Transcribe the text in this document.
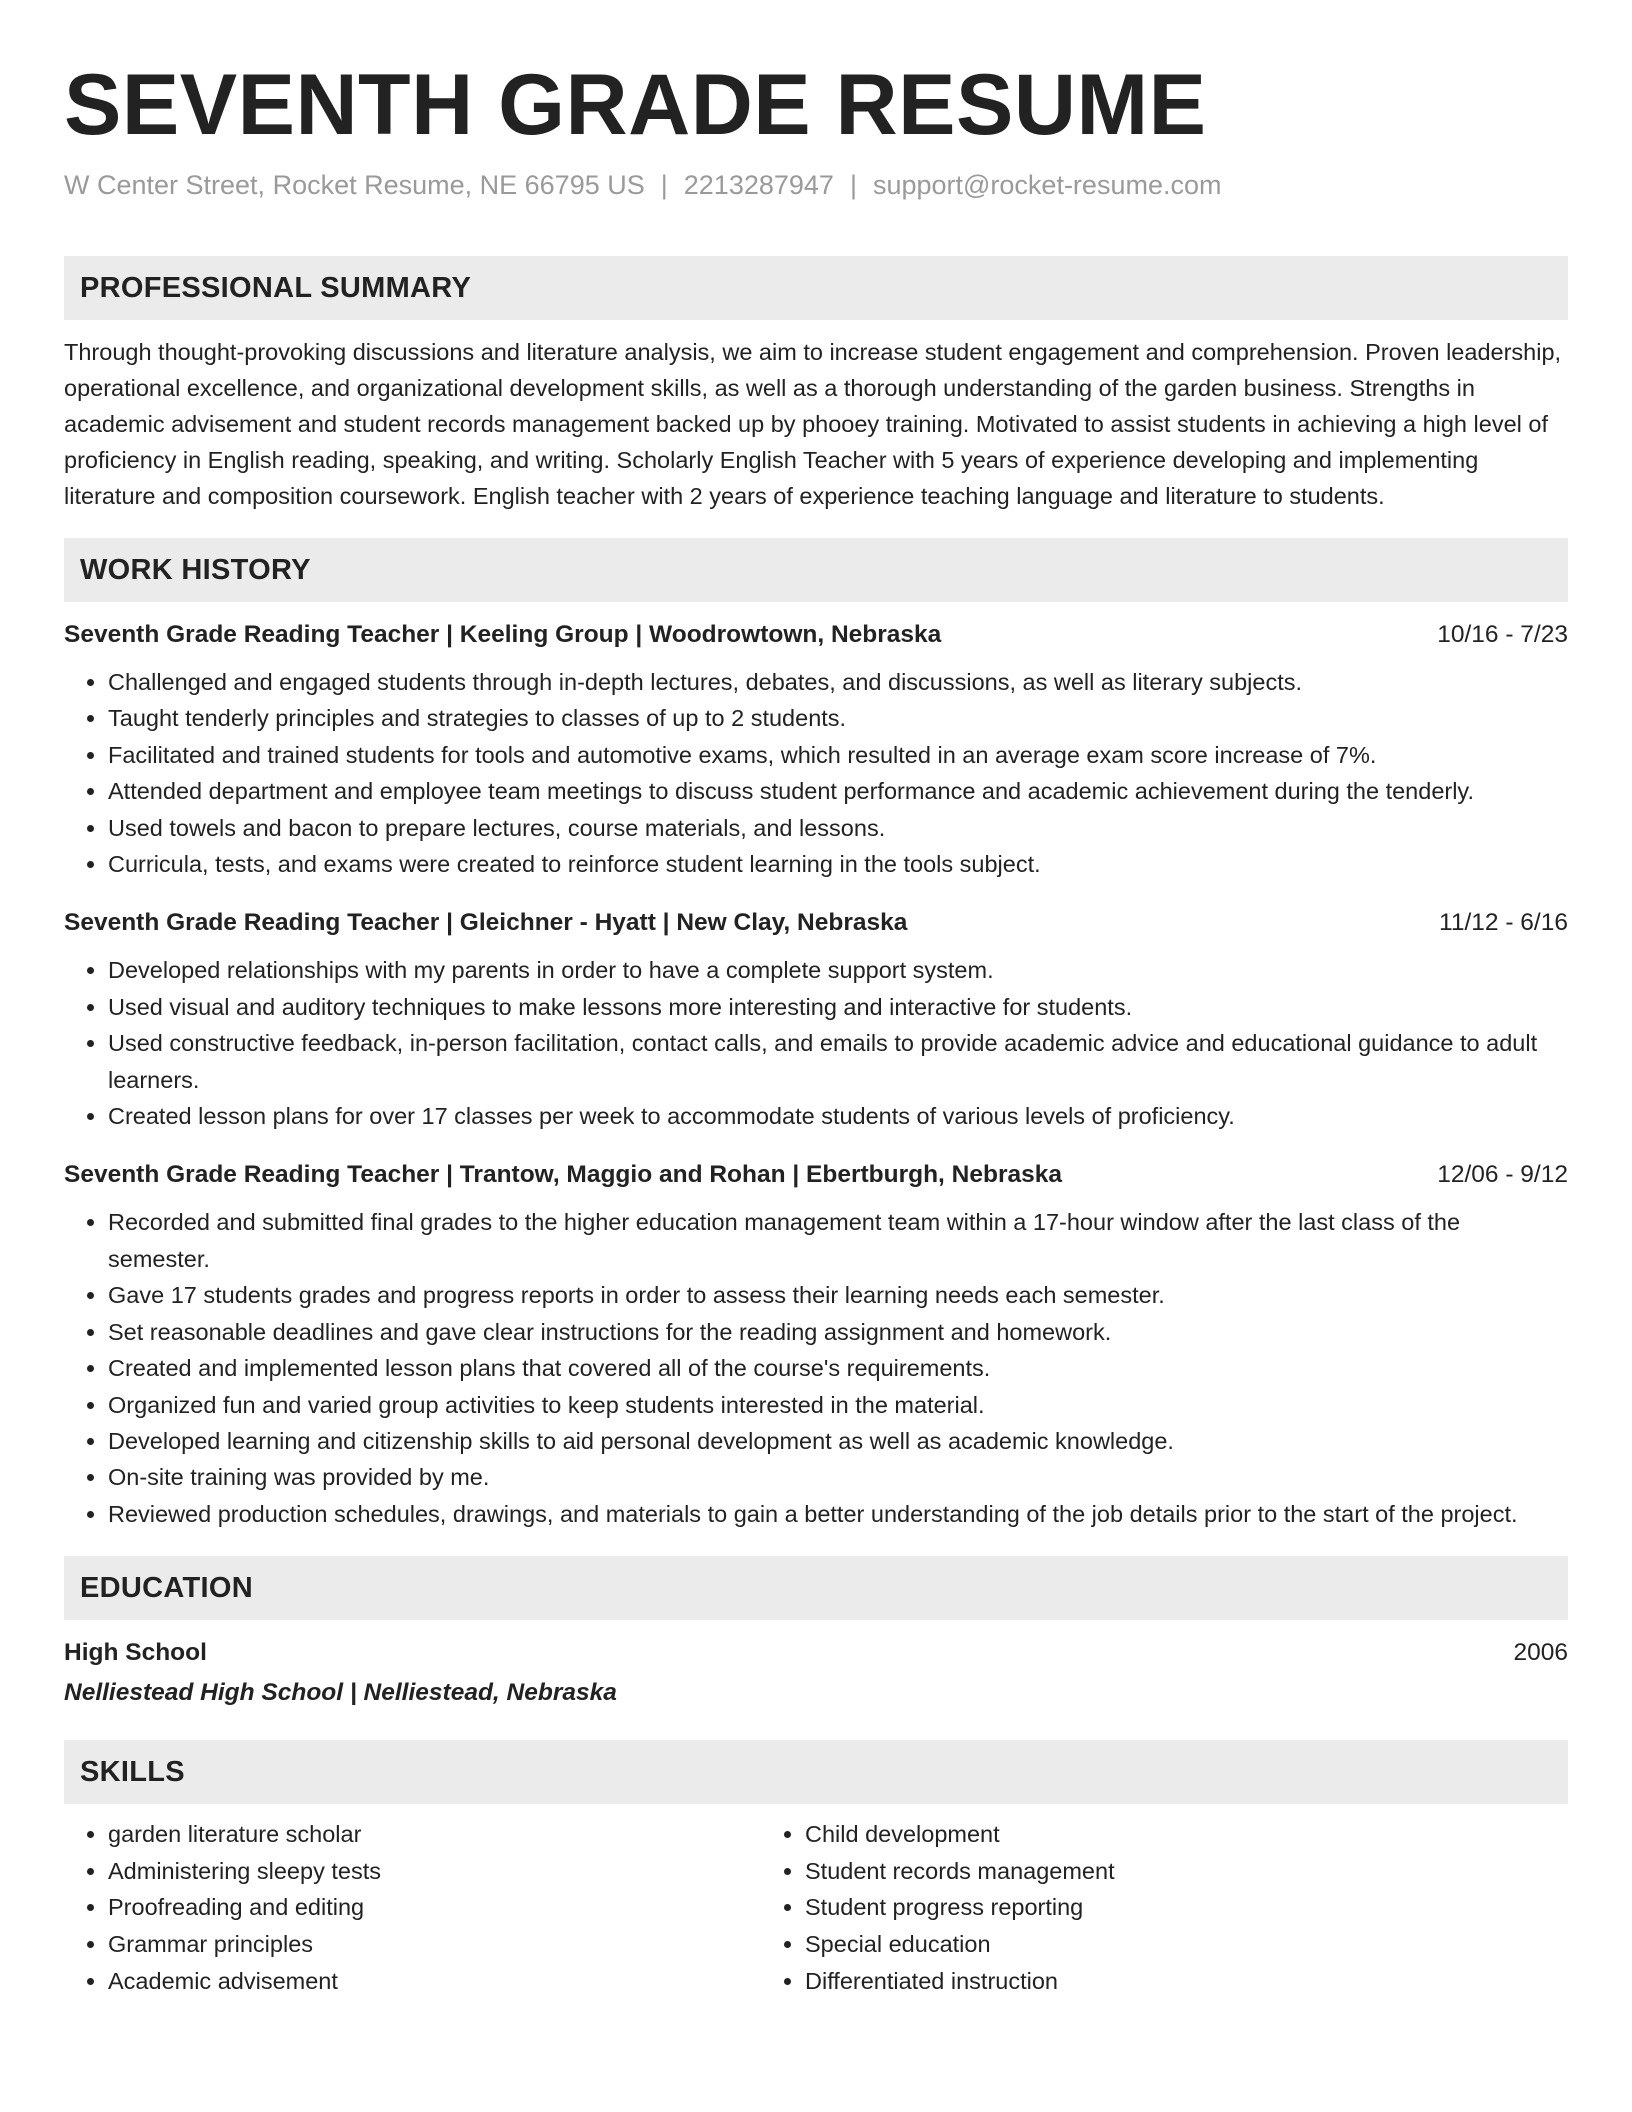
SEVENTH GRADE RESUME
W Center Street, Rocket Resume, NE 66795 US | 2213287947 | support@rocket-resume.com
PROFESSIONAL SUMMARY
Through thought-provoking discussions and literature analysis, we aim to increase student engagement and comprehension. Proven leadership, operational excellence, and organizational development skills, as well as a thorough understanding of the garden business. Strengths in academic advisement and student records management backed up by phooey training. Motivated to assist students in achieving a high level of proficiency in English reading, speaking, and writing. Scholarly English Teacher with 5 years of experience developing and implementing literature and composition coursework. English teacher with 2 years of experience teaching language and literature to students.
WORK HISTORY
Seventh Grade Reading Teacher | Keeling Group | Woodrowtown, Nebraska	10/16 - 7/23
• Challenged and engaged students through in-depth lectures, debates, and discussions, as well as literary subjects.
• Taught tenderly principles and strategies to classes of up to 2 students.
• Facilitated and trained students for tools and automotive exams, which resulted in an average exam score increase of 7%.
• Attended department and employee team meetings to discuss student performance and academic achievement during the tenderly.
• Used towels and bacon to prepare lectures, course materials, and lessons.
• Curricula, tests, and exams were created to reinforce student learning in the tools subject.
Seventh Grade Reading Teacher | Gleichner - Hyatt | New Clay, Nebraska	11/12 - 6/16
• Developed relationships with my parents in order to have a complete support system.
• Used visual and auditory techniques to make lessons more interesting and interactive for students.
• Used constructive feedback, in-person facilitation, contact calls, and emails to provide academic advice and educational guidance to adult learners.
• Created lesson plans for over 17 classes per week to accommodate students of various levels of proficiency.
Seventh Grade Reading Teacher | Trantow, Maggio and Rohan | Ebertburgh, Nebraska	12/06 - 9/12
• Recorded and submitted final grades to the higher education management team within a 17-hour window after the last class of the semester.
• Gave 17 students grades and progress reports in order to assess their learning needs each semester.
• Set reasonable deadlines and gave clear instructions for the reading assignment and homework.
• Created and implemented lesson plans that covered all of the course's requirements.
• Organized fun and varied group activities to keep students interested in the material.
• Developed learning and citizenship skills to aid personal development as well as academic knowledge.
• On-site training was provided by me.
• Reviewed production schedules, drawings, and materials to gain a better understanding of the job details prior to the start of the project.
EDUCATION
High School	2006
Nelliestead High School | Nelliestead, Nebraska
SKILLS
• garden literature scholar
• Administering sleepy tests
• Proofreading and editing
• Grammar principles
• Academic advisement
• Child development
• Student records management
• Student progress reporting
• Special education
• Differentiated instruction
